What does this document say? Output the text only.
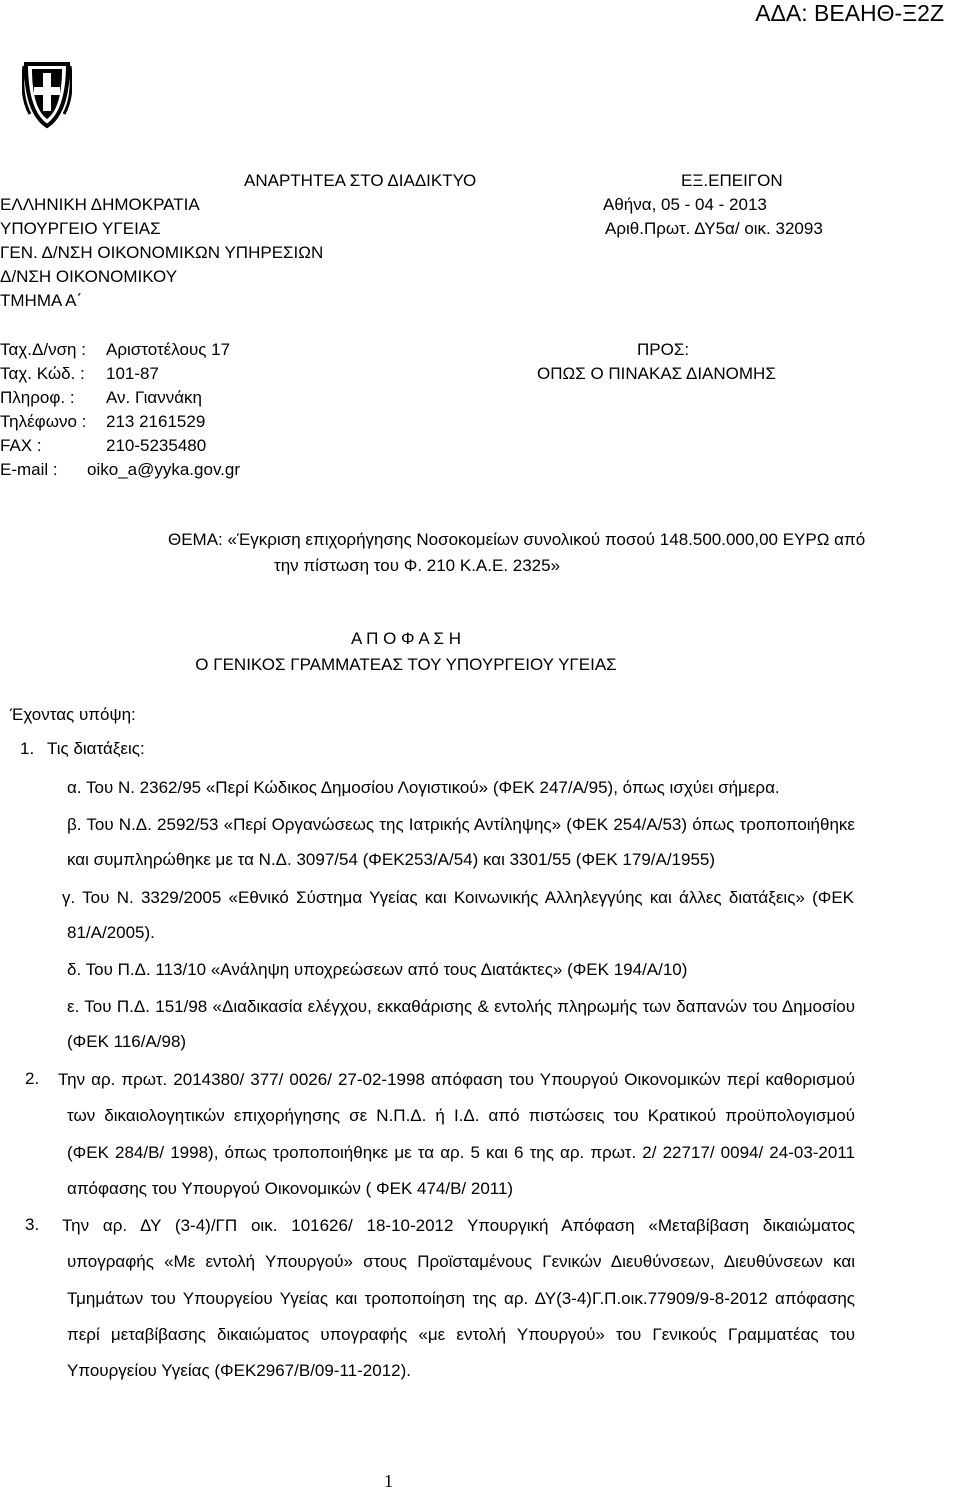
ΑΔΑ: ΒΕΑΗΘ-Ξ2Ζ
ΑΝΑΡΤΗΤΕΑ ΣΤΟ ΔΙΑΔΙΚΤΥΟ	ΕΞ.ΕΠΕΙΓΟΝ
ΕΛΛΗΝΙΚΗ ΔΗΜΟΚΡΑΤΙΑ
ΥΠΟΥΡΓΕΙΟ ΥΓΕΙΑΣ
ΓΕΝ. Δ/ΝΣΗ ΟΙΚΟΝΟΜΙΚΩΝ ΥΠΗΡΕΣΙΩΝ
Δ/ΝΣΗ ΟΙΚΟΝΟΜΙΚΟΥ
ΤΜΗΜΑ Α΄
Αθήνα, 05 - 04 - 2013
Αριθ.Πρωτ. ΔΥ5α/ οικ. 32093
Ταχ.Δ/νση : Αριστοτέλους 17
Ταχ. Κώδ. : 101-87
Πληροφ. : Αν. Γιαννάκη
Τηλέφωνο : 213 2161529
FAX :	210-5235480
E-mail : oiko_a@yyka.gov.gr
ΠΡΟΣ:
ΟΠΩΣ Ο ΠΙΝΑΚΑΣ ΔΙΑΝΟΜΗΣ
ΘΕΜΑ: «Έγκριση επιχορήγησης Νοσοκομείων συνολικού ποσού 148.500.000,00 ΕΥΡΩ από
την πίστωση του Φ. 210 Κ.Α.Ε. 2325»
Α Π Ο Φ Α Σ Η
Ο ΓΕΝΙΚΟΣ ΓΡΑΜΜΑΤΕΑΣ ΤΟΥ ΥΠΟΥΡΓΕΙΟΥ ΥΓΕΙΑΣ
Έχοντας υπόψη:
1. Τις διατάξεις:
α. Του Ν. 2362/95 «Περί Κώδικος Δημοσίου Λογιστικού» (ΦΕΚ 247/Α/95), όπως ισχύει σήμερα.
β. Του Ν.Δ. 2592/53 «Περί Οργανώσεως της Ιατρικής Αντίληψης» (ΦΕΚ 254/Α/53) όπως τροποποιήθηκε
και συμπληρώθηκε με τα Ν.Δ. 3097/54 (ΦΕΚ253/Α/54) και 3301/55 (ΦΕΚ 179/Α/1955)
γ. Του Ν. 3329/2005 «Εθνικό Σύστημα Υγείας και Κοινωνικής Αλληλεγγύης και άλλες διατάξεις» (ΦΕΚ
81/Α/2005).
δ. Του Π.Δ. 113/10 «Ανάληψη υποχρεώσεων από τους Διατάκτες» (ΦΕΚ 194/Α/10)
ε. Του Π.Δ. 151/98 «Διαδικασία ελέγχου, εκκαθάρισης & εντολής πληρωμής των δαπανών του Δημοσίου
(ΦΕΚ 116/Α/98)
2. Την αρ. πρωτ. 2014380/ 377/ 0026/ 27-02-1998 απόφαση του Υπουργού Οικονομικών περί καθορισμού
των δικαιολογητικών επιχορήγησης σε Ν.Π.Δ. ή Ι.Δ. από πιστώσεις του Κρατικού προϋπολογισμού
(ΦΕΚ 284/Β/ 1998), όπως τροποποιήθηκε με τα αρ. 5 και 6 της αρ. πρωτ. 2/ 22717/ 0094/ 24-03-2011
απόφασης του Υπουργού Οικονομικών ( ΦΕΚ 474/Β/ 2011)
3. Την αρ. ΔΥ (3-4)/ΓΠ οικ. 101626/ 18-10-2012 Υπουργική Απόφαση «Μεταβίβαση δικαιώματος
υπογραφής «Με εντολή Υπουργού» στους Προϊσταμένους Γενικών Διευθύνσεων, Διευθύνσεων και
Τμημάτων του Υπουργείου Υγείας και τροποποίηση της αρ. ΔΥ(3-4)Γ.Π.οικ.77909/9-8-2012 απόφασης
περί μεταβίβασης δικαιώματος υπογραφής «με εντολή Υπουργού» του Γενικούς Γραμματέας του
Υπουργείου Υγείας (ΦΕΚ2967/Β/09-11-2012).
1
